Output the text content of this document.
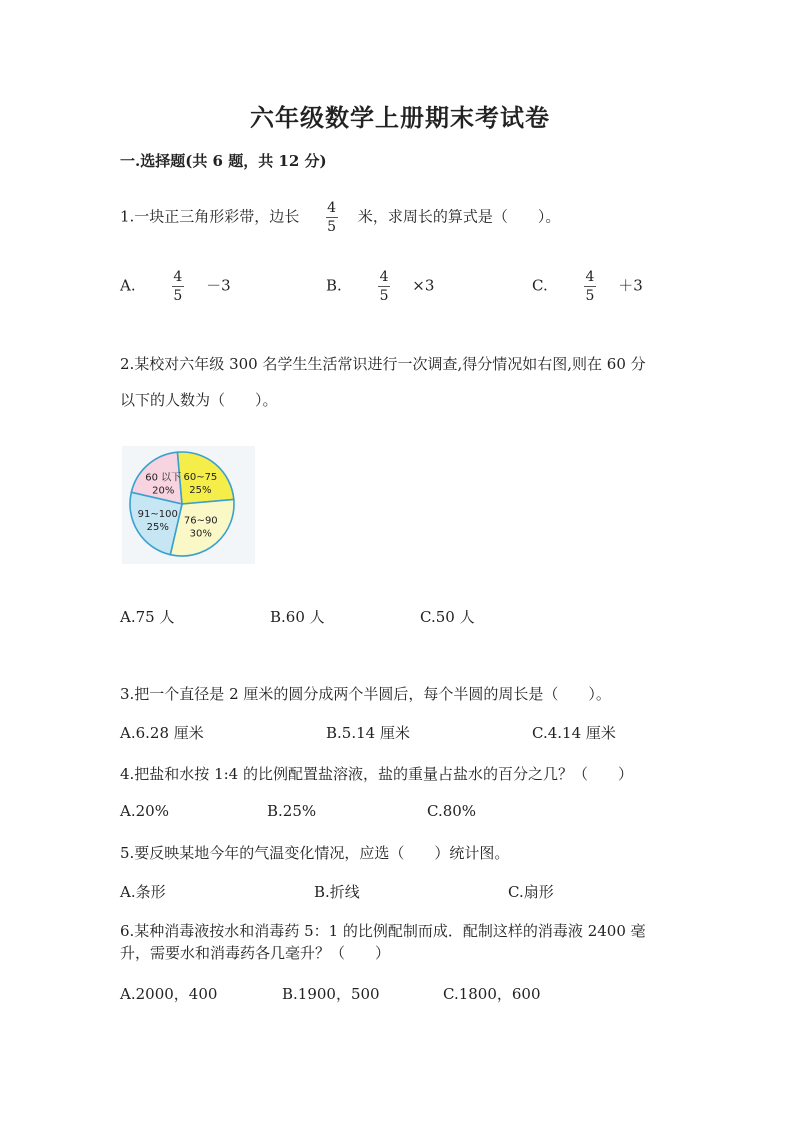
六年级数学上册期末考试卷
一.选择题(共 6 题，共 12 分)
1.一块正三角形彩带，边长 $\frac{4}{5}$ 米，求周长的算式是（　　）。
A. $\frac{4}{5} -3$	B. $\frac{4}{5} \times 3$	C. $\frac{4}{5} +3$
2.某校对六年级 300 名学生生活常识进行一次调查,得分情况如右图,则在 60 分
以下的人数为（　　）。
60 以下
20%
60~75
25%
76~90
30%
91~100
25%
A.75 人	B.60 人	C.50 人
3.把一个直径是 2 厘米的圆分成两个半圆后，每个半圆的周长是（　　）。
A.6.28 厘米	B.5.14 厘米	C.4.14 厘米
4.把盐和水按 1:4 的比例配置盐溶液，盐的重量占盐水的百分之几？（　　）
A.20%	B.25%	C.80%
5.要反映某地今年的气温变化情况，应选（　　）统计图。
A.条形	B.折线	C.扇形
6.某种消毒液按水和消毒药 5：1 的比例配制而成．配制这样的消毒液 2400 毫
升，需要水和消毒药各几毫升？（　　）
A.2000，400	B.1900，500	C.1800，600
